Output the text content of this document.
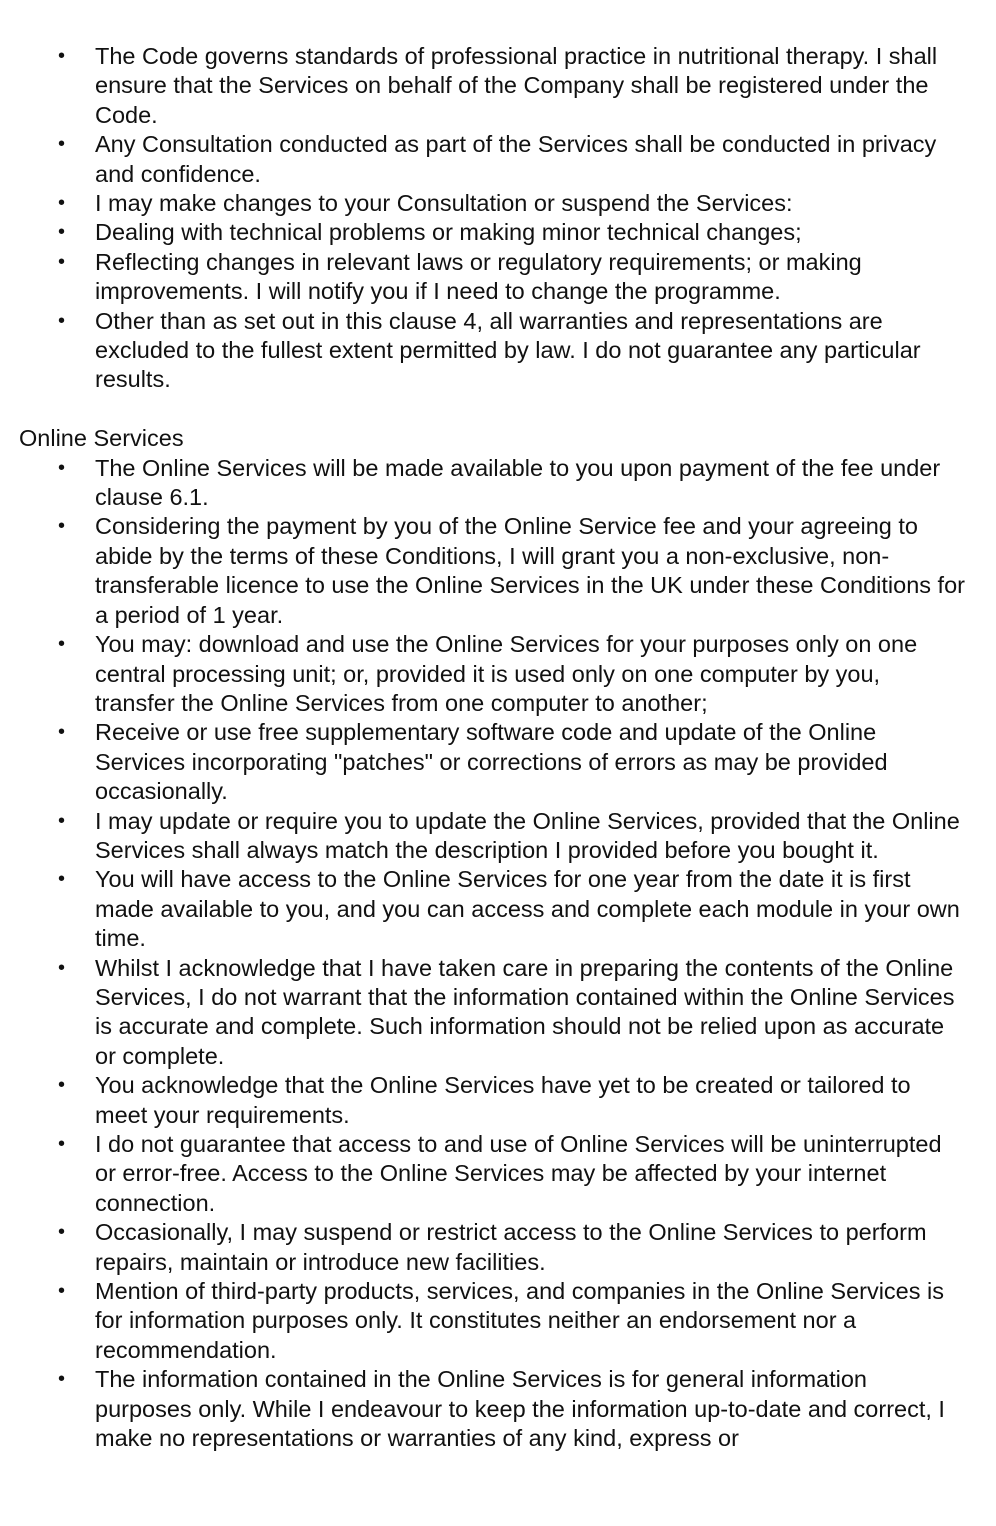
• The Code governs standards of professional practice in nutritional therapy. I shall ensure that the Services on behalf of the Company shall be registered under the Code.
• Any Consultation conducted as part of the Services shall be conducted in privacy and confidence.
• I may make changes to your Consultation or suspend the Services:
• Dealing with technical problems or making minor technical changes;
• Reflecting changes in relevant laws or regulatory requirements; or making improvements. I will notify you if I need to change the programme.
• Other than as set out in this clause 4, all warranties and representations are excluded to the fullest extent permitted by law. I do not guarantee any particular results.
Online Services
• The Online Services will be made available to you upon payment of the fee under clause 6.1.
• Considering the payment by you of the Online Service fee and your agreeing to abide by the terms of these Conditions, I will grant you a non-exclusive, non-transferable licence to use the Online Services in the UK under these Conditions for a period of 1 year.
• You may: download and use the Online Services for your purposes only on one central processing unit; or, provided it is used only on one computer by you, transfer the Online Services from one computer to another;
• Receive or use free supplementary software code and update of the Online Services incorporating "patches" or corrections of errors as may be provided occasionally.
• I may update or require you to update the Online Services, provided that the Online Services shall always match the description I provided before you bought it.
• You will have access to the Online Services for one year from the date it is first made available to you, and you can access and complete each module in your own time.
• Whilst I acknowledge that I have taken care in preparing the contents of the Online Services, I do not warrant that the information contained within the Online Services is accurate and complete. Such information should not be relied upon as accurate or complete.
• You acknowledge that the Online Services have yet to be created or tailored to meet your requirements.
• I do not guarantee that access to and use of Online Services will be uninterrupted or error-free. Access to the Online Services may be affected by your internet connection.
• Occasionally, I may suspend or restrict access to the Online Services to perform repairs, maintain or introduce new facilities.
• Mention of third-party products, services, and companies in the Online Services is for information purposes only. It constitutes neither an endorsement nor a recommendation.
• The information contained in the Online Services is for general information purposes only. While I endeavour to keep the information up-to-date and correct, I make no representations or warranties of any kind, express or
